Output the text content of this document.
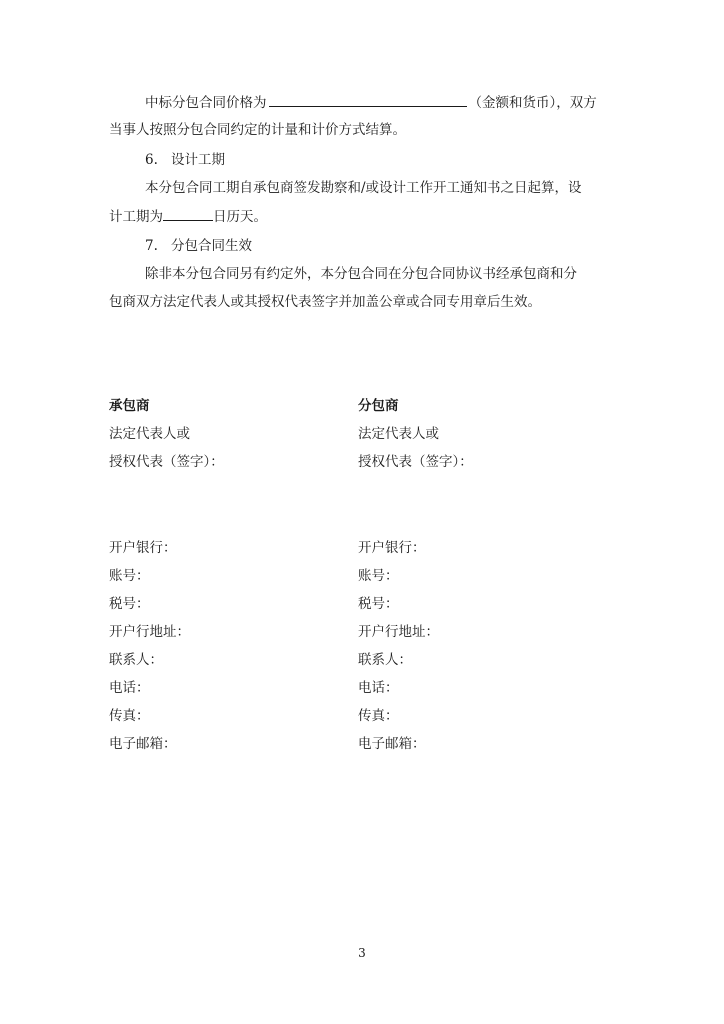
中标分包合同价格为	（金额和货币），双方
当事人按照分包合同约定的计量和计价方式结算。
6. 设计工期
本分包合同工期自承包商签发勘察和/或设计工作开工通知书之日起算，设
计工期为	日历天。
7. 分包合同生效
除非本分包合同另有约定外，本分包合同在分包合同协议书经承包商和分
包商双方法定代表人或其授权代表签字并加盖公章或合同专用章后生效。
承包商
法定代表人或
授权代表（签字）：
开户银行：
账号：
税号：
开户行地址：
联系人：
电话：
传真：
电子邮箱：
分包商
法定代表人或
授权代表（签字）：
开户银行：
账号：
税号：
开户行地址：
联系人：
电话：
传真：
电子邮箱：
3
